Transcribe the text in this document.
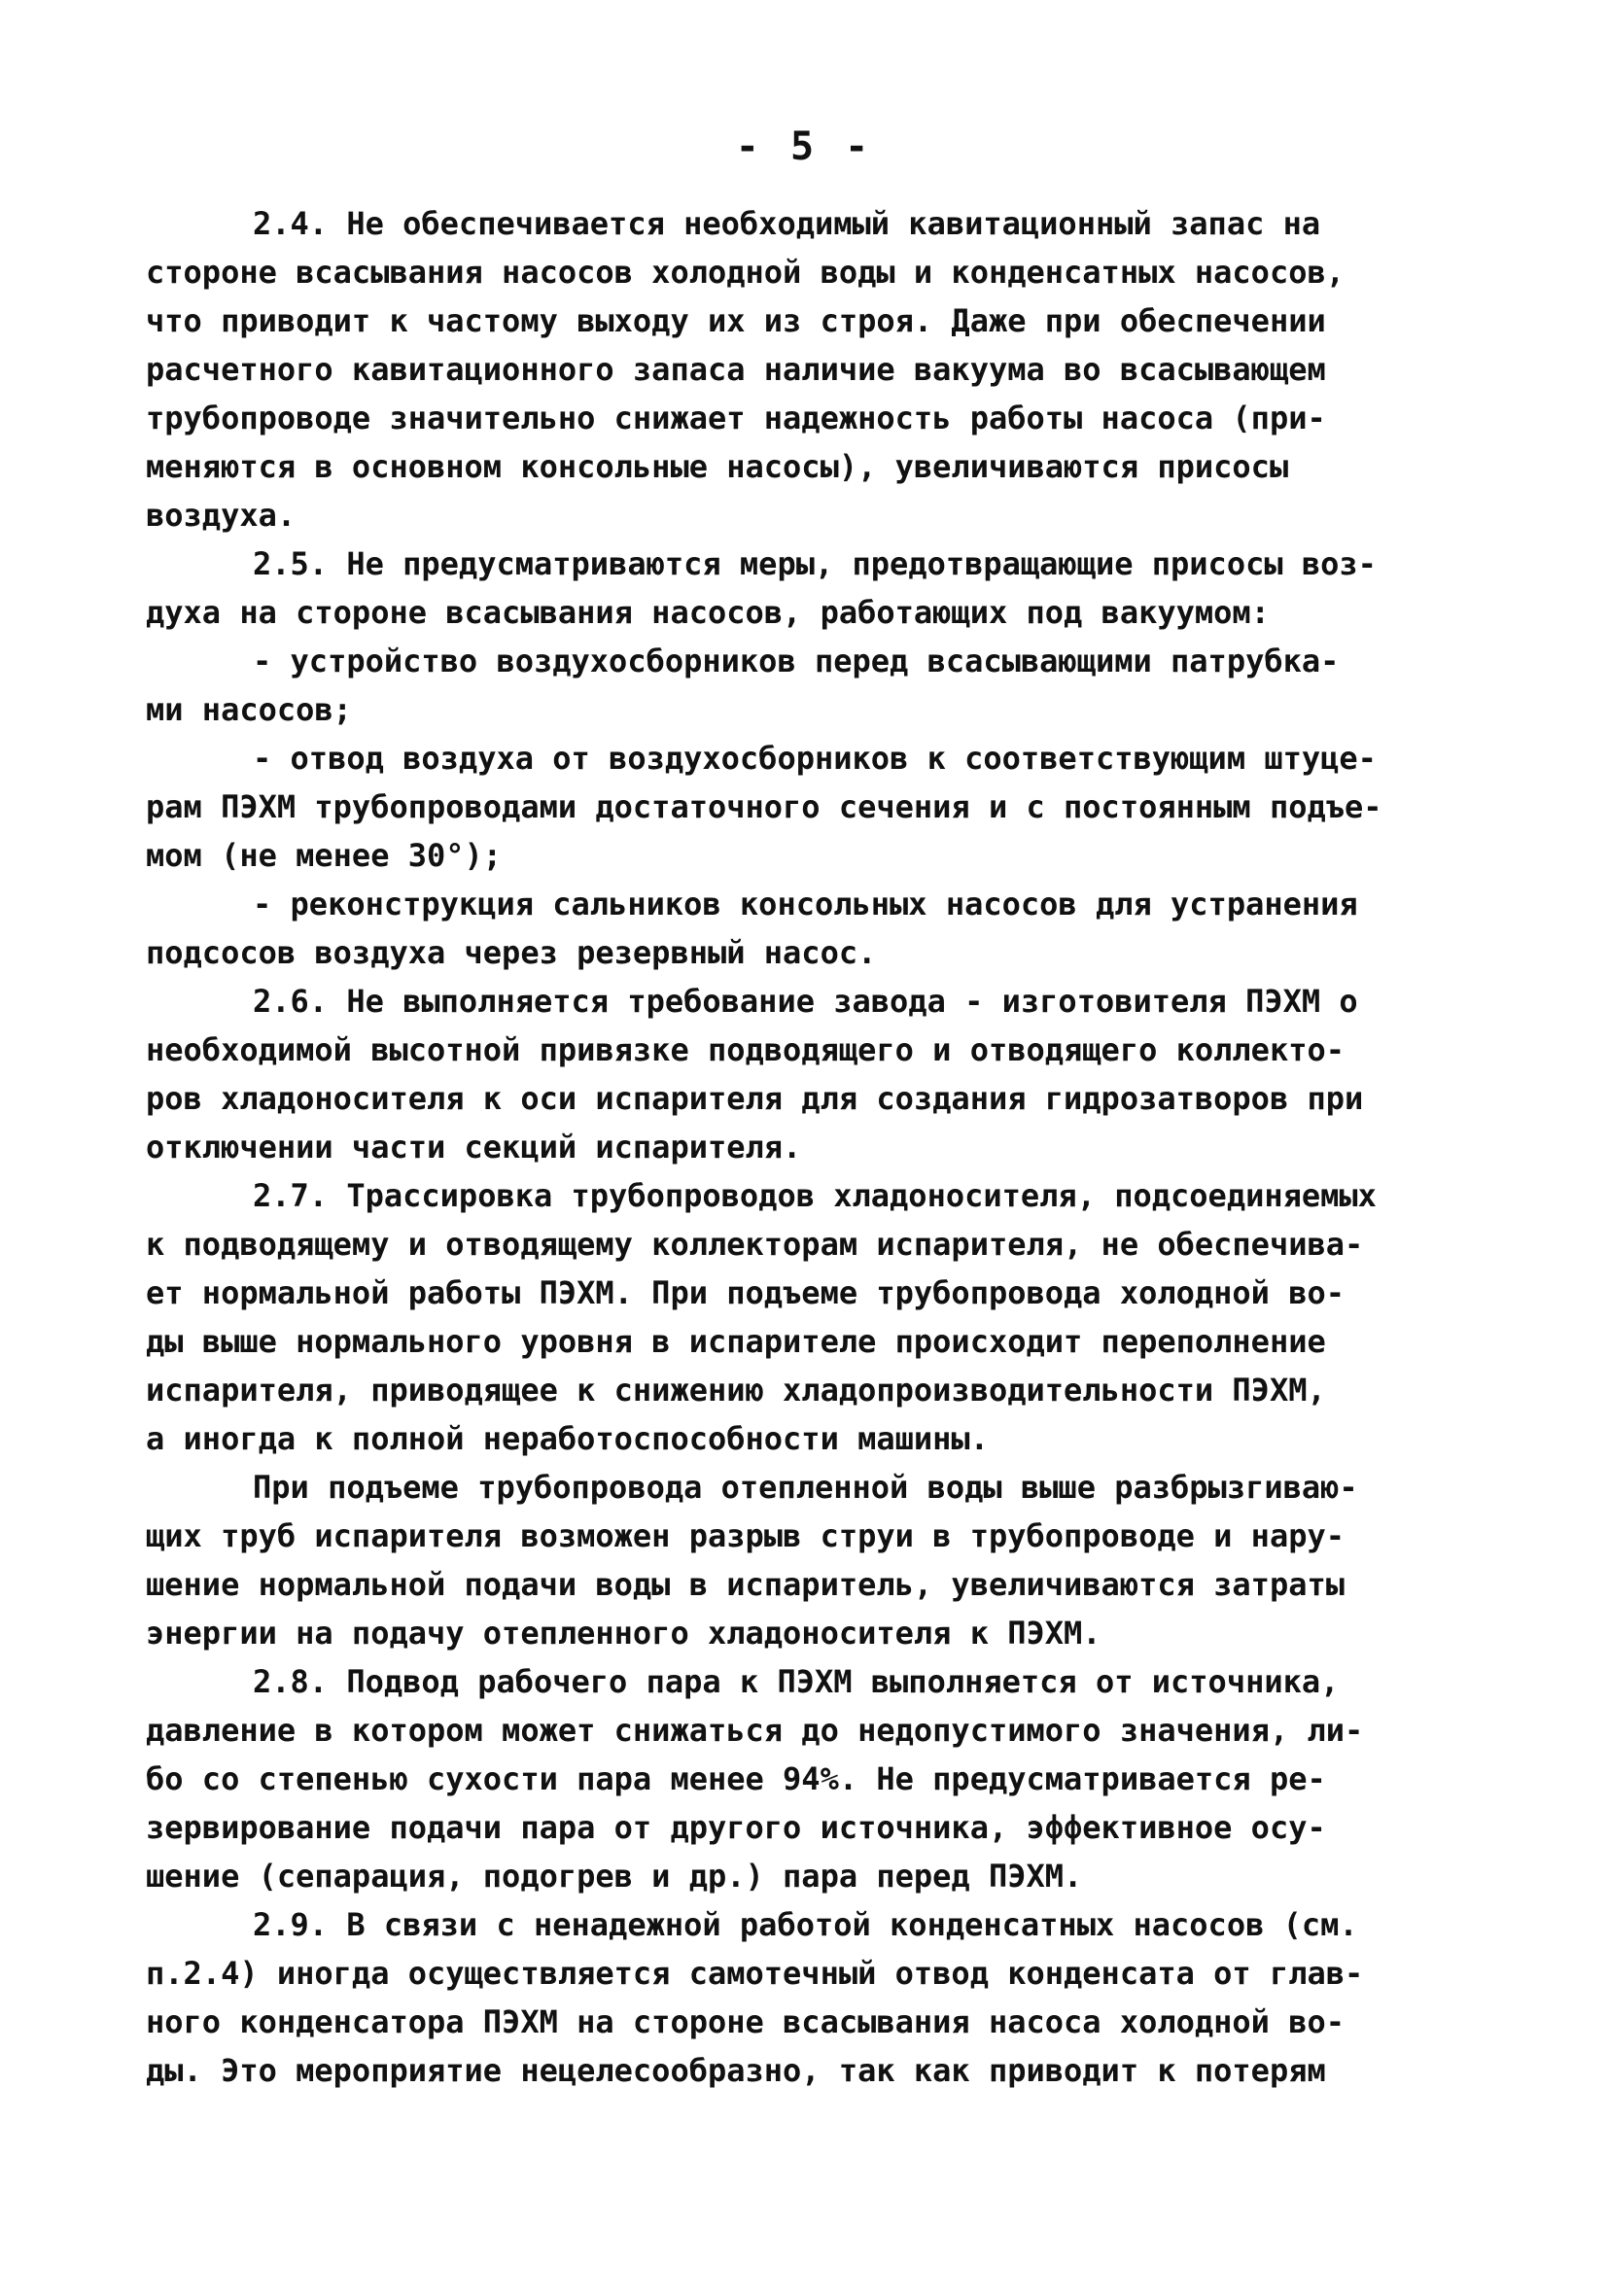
- 5 -
2.4. Не обеспечивается необходимый кавитационный запас на
стороне всасывания насосов холодной воды и конденсатных насосов,
что приводит к частому выходу их из строя. Даже при обеспечении
расчетного кавитационного запаса наличие вакуума во всасывающем
трубопроводе значительно снижает надежность работы насоса (при-
меняются в основном консольные насосы), увеличиваются присосы
воздуха.
2.5. Не предусматриваются меры, предотвращающие присосы воз-
духа на стороне всасывания насосов, работающих под вакуумом:
- устройство воздухосборников перед всасывающими патрубка-
ми насосов;
- отвод воздуха от воздухосборников к соответствующим штуце-
рам ПЭХМ трубопроводами достаточного сечения и с постоянным подъе-
мом (не менее 30°);
- реконструкция сальников консольных насосов для устранения
подсосов воздуха через резервный насос.
2.6. Не выполняется требование завода - изготовителя ПЭХМ о
необходимой высотной привязке подводящего и отводящего коллекто-
ров хладоносителя к оси испарителя для создания гидрозатворов при
отключении части секций испарителя.
2.7. Трассировка трубопроводов хладоносителя, подсоединяемых
к подводящему и отводящему коллекторам испарителя, не обеспечива-
ет нормальной работы ПЭХМ. При подъеме трубопровода холодной во-
ды выше нормального уровня в испарителе происходит переполнение
испарителя, приводящее к снижению хладопроизводительности ПЭХМ,
а иногда к полной неработоспособности машины.
При подъеме трубопровода отепленной воды выше разбрызгиваю-
щих труб испарителя возможен разрыв струи в трубопроводе и нару-
шение нормальной подачи воды в испаритель, увеличиваются затраты
энергии на подачу отепленного хладоносителя к ПЭХМ.
2.8. Подвод рабочего пара к ПЭХМ выполняется от источника,
давление в котором может снижаться до недопустимого значения, ли-
бо со степенью сухости пара менее 94%. Не предусматривается ре-
зервирование подачи пара от другого источника, эффективное осу-
шение (сепарация, подогрев и др.) пара перед ПЭХМ.
2.9. В связи с ненадежной работой конденсатных насосов (см.
п.2.4) иногда осуществляется самотечный отвод конденсата от глав-
ного конденсатора ПЭХМ на стороне всасывания насоса холодной во-
ды. Это мероприятие нецелесообразно, так как приводит к потерям
